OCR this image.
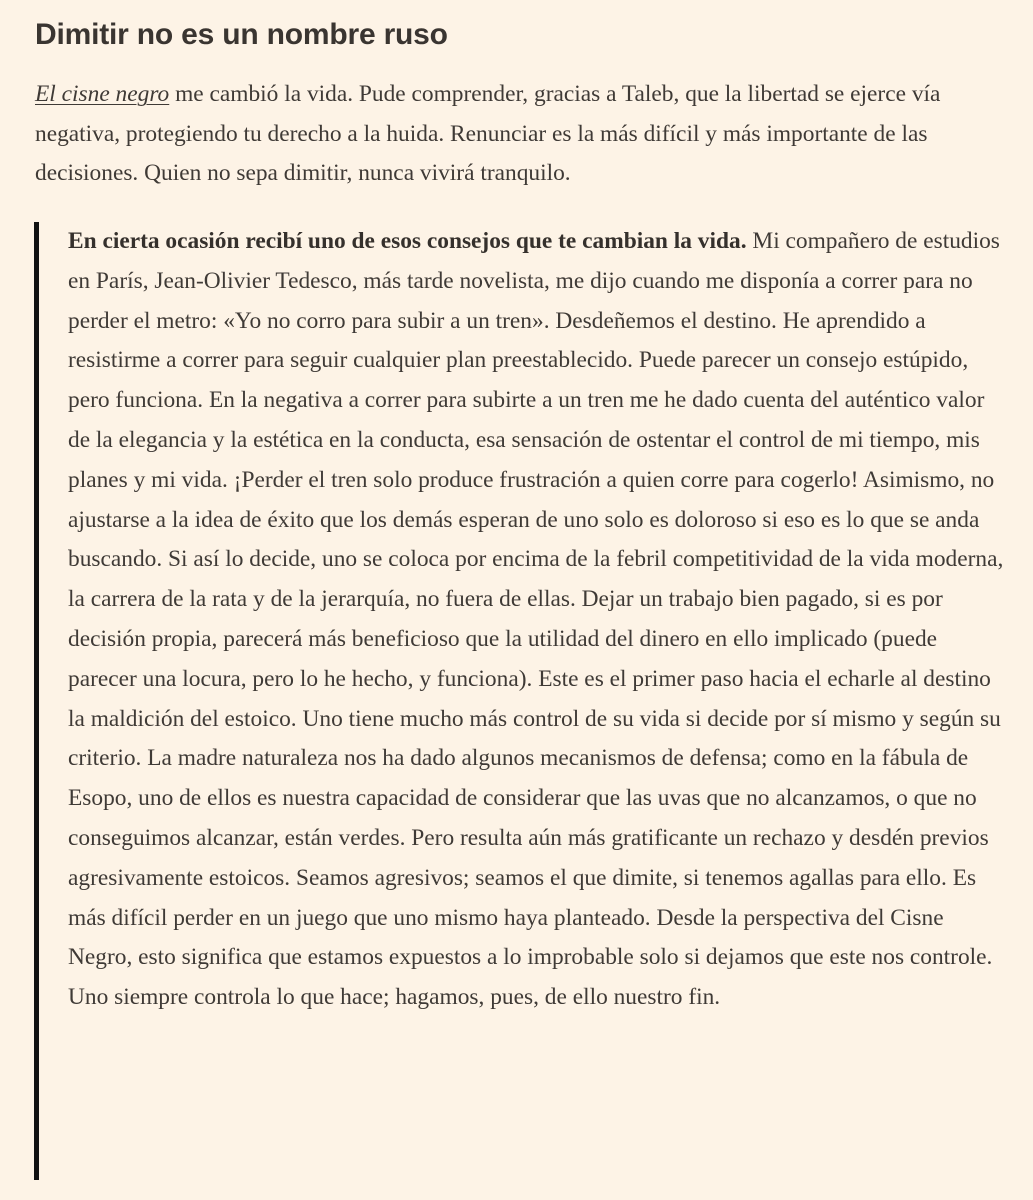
Dimitir no es un nombre ruso

El cisne negro me cambió la vida. Pude comprender, gracias a Taleb, que la libertad se ejerce vía negativa, protegiendo tu derecho a la huida. Renunciar es la más difícil y más importante de las decisiones. Quien no sepa dimitir, nunca vivirá tranquilo.

En cierta ocasión recibí uno de esos consejos que te cambian la vida. Mi compañero de estudios en París, Jean-Olivier Tedesco, más tarde novelista, me dijo cuando me disponía a correr para no perder el metro: «Yo no corro para subir a un tren». Desdeñemos el destino. He aprendido a resistirme a correr para seguir cualquier plan preestablecido. Puede parecer un consejo estúpido, pero funciona. En la negativa a correr para subirte a un tren me he dado cuenta del auténtico valor de la elegancia y la estética en la conducta, esa sensación de ostentar el control de mi tiempo, mis planes y mi vida. ¡Perder el tren solo produce frustración a quien corre para cogerlo! Asimismo, no ajustarse a la idea de éxito que los demás esperan de uno solo es doloroso si eso es lo que se anda buscando. Si así lo decide, uno se coloca por encima de la febril competitividad de la vida moderna, la carrera de la rata y de la jerarquía, no fuera de ellas. Dejar un trabajo bien pagado, si es por decisión propia, parecerá más beneficioso que la utilidad del dinero en ello implicado (puede parecer una locura, pero lo he hecho, y funciona). Este es el primer paso hacia el echarle al destino la maldición del estoico. Uno tiene mucho más control de su vida si decide por sí mismo y según su criterio. La madre naturaleza nos ha dado algunos mecanismos de defensa; como en la fábula de Esopo, uno de ellos es nuestra capacidad de considerar que las uvas que no alcanzamos, o que no conseguimos alcanzar, están verdes. Pero resulta aún más gratificante un rechazo y desdén previos agresivamente estoicos. Seamos agresivos; seamos el que dimite, si tenemos agallas para ello. Es más difícil perder en un juego que uno mismo haya planteado. Desde la perspectiva del Cisne Negro, esto significa que estamos expuestos a lo improbable solo si dejamos que este nos controle. Uno siempre controla lo que hace; hagamos, pues, de ello nuestro fin.
